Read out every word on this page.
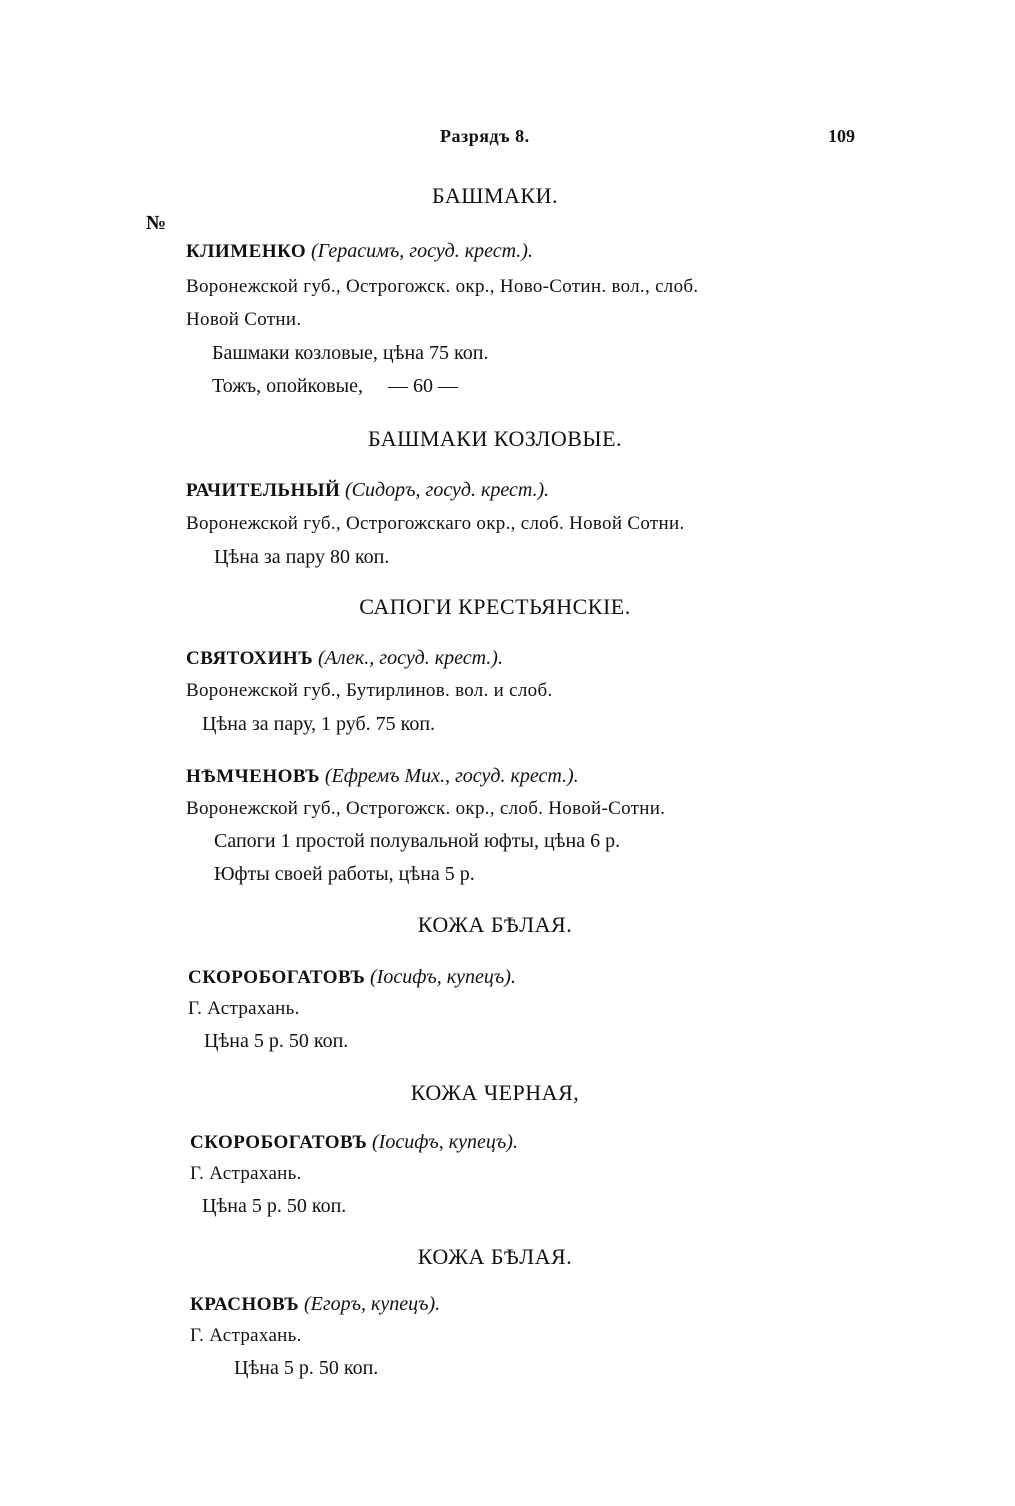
Разрядъ 8.	109
№
БАШМАКИ.
КЛИМЕНКО (Герасимъ, госуд. крест.).
Воронежской губ., Острогожск. окр., Ново-Сотин. вол., слоб.
Новой Сотни.
Башмаки козловые, цѣна 75 коп.
Тожъ, опойковые, — 60 —
БАШМАКИ КОЗЛОВЫЕ.
РАЧИТЕЛЬНЫЙ (Сидоръ, госуд. крест.).
Воронежской губ., Острогожскаго окр., слоб. Новой Сотни.
Цѣна за пару 80 коп.
САПОГИ КРЕСТЬЯНСКІЕ.
СВЯТОХИНЪ (Алек., госуд. крест.).
Воронежской губ., Бутирлинов. вол. и слоб.
Цѣна за пару, 1 руб. 75 коп.
НѢМЧЕНОВЪ (Ефремъ Мих., госуд. крест.).
Воронежской губ., Острогожск. окр., слоб. Новой-Сотни.
Сапоги 1 простой полувальной юфты, цѣна 6 р.
Юфты своей работы, цѣна 5 р.
КОЖА БѢЛАЯ.
СКОРОБОГАТОВЪ (Іосифъ, купецъ).
Г. Астрахань.
Цѣна 5 р. 50 коп.
КОЖА ЧЕРНАЯ,
СКОРОБОГАТОВЪ (Іосифъ, купецъ).
Г. Астрахань.
Цѣна 5 р. 50 коп.
КОЖА БѢЛАЯ.
КРАСНОВЪ (Егоръ, купецъ).
Г. Астрахань.
Цѣна 5 р. 50 коп.
